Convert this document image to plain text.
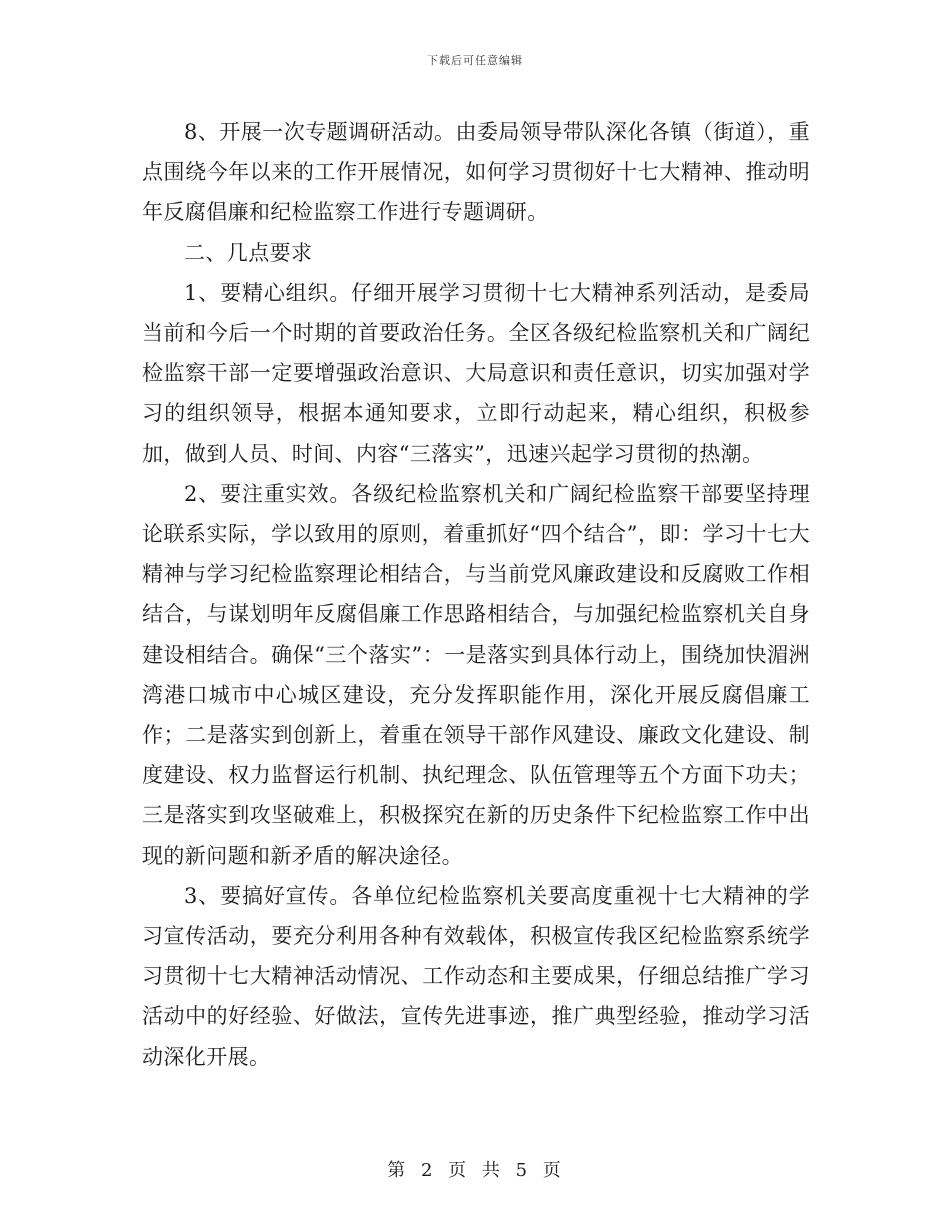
下载后可任意编辑

8、开展一次专题调研活动。由委局领导带队深化各镇（街道），重点围绕今年以来的工作开展情况，如何学习贯彻好十七大精神、推动明年反腐倡廉和纪检监察工作进行专题调研。

二、几点要求

1、要精心组织。仔细开展学习贯彻十七大精神系列活动，是委局当前和今后一个时期的首要政治任务。全区各级纪检监察机关和广阔纪检监察干部一定要增强政治意识、大局意识和责任意识，切实加强对学习的组织领导，根据本通知要求，立即行动起来，精心组织，积极参加，做到人员、时间、内容“三落实”，迅速兴起学习贯彻的热潮。

2、要注重实效。各级纪检监察机关和广阔纪检监察干部要坚持理论联系实际，学以致用的原则，着重抓好“四个结合”，即：学习十七大精神与学习纪检监察理论相结合，与当前党风廉政建设和反腐败工作相结合，与谋划明年反腐倡廉工作思路相结合，与加强纪检监察机关自身建设相结合。确保“三个落实”：一是落实到具体行动上，围绕加快湄洲湾港口城市中心城区建设，充分发挥职能作用，深化开展反腐倡廉工作；二是落实到创新上，着重在领导干部作风建设、廉政文化建设、制度建设、权力监督运行机制、执纪理念、队伍管理等五个方面下功夫；三是落实到攻坚破难上，积极探究在新的历史条件下纪检监察工作中出现的新问题和新矛盾的解决途径。

3、要搞好宣传。各单位纪检监察机关要高度重视十七大精神的学习宣传活动，要充分利用各种有效载体，积极宣传我区纪检监察系统学习贯彻十七大精神活动情况、工作动态和主要成果，仔细总结推广学习活动中的好经验、好做法，宣传先进事迹，推广典型经验，推动学习活动深化开展。

第 2 页 共 5 页
